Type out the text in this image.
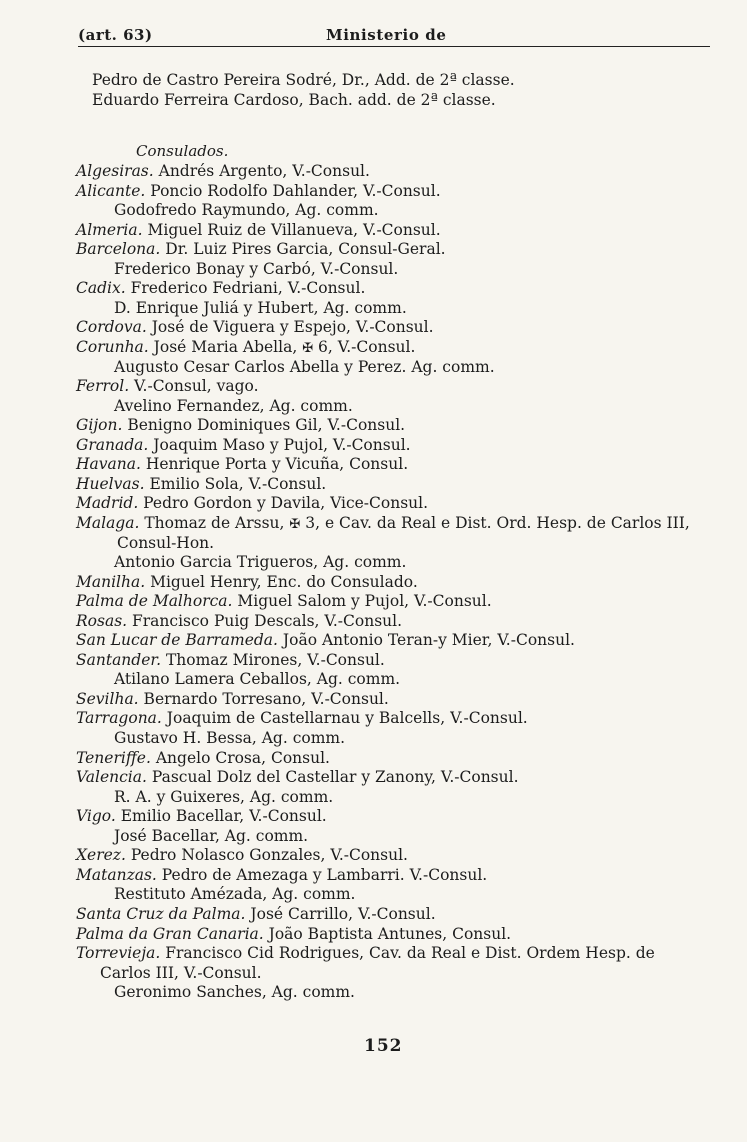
(art. 63)	Ministerio de
Pedro de Castro Pereira Sodré, Dr., Add. de 2ª classe.
Eduardo Ferreira Cardoso, Bach. add. de 2ª classe.
Consulados.
Algesiras. Andrés Argento, V.-Consul.
Alicante. Poncio Rodolfo Dahlander, V.-Consul.
Godofredo Raymundo, Ag. comm.
Almeria. Miguel Ruiz de Villanueva, V.-Consul.
Barcelona. Dr. Luiz Pires Garcia, Consul-Geral.
Frederico Bonay y Carbó, V.-Consul.
Cadix. Frederico Fedriani, V.-Consul.
D. Enrique Juliá y Hubert, Ag. comm.
Cordova. José de Viguera y Espejo, V.-Consul.
Corunha. José Maria Abella, ✠ 6, V.-Consul.
Augusto Cesar Carlos Abella y Perez. Ag. comm.
Ferrol. V.-Consul, vago.
Avelino Fernandez, Ag. comm.
Gijon. Benigno Dominiques Gil, V.-Consul.
Granada. Joaquim Maso y Pujol, V.-Consul.
Havana. Henrique Porta y Vicuña, Consul.
Huelvas. Emilio Sola, V.-Consul.
Madrid. Pedro Gordon y Davila, Vice-Consul.
Malaga. Thomaz de Arssu, ✠ 3, e Cav. da Real e Dist. Ord. Hesp. de Carlos III,
Consul-Hon.
Antonio Garcia Trigueros, Ag. comm.
Manilha. Miguel Henry, Enc. do Consulado.
Palma de Malhorca. Miguel Salom y Pujol, V.-Consul.
Rosas. Francisco Puig Descals, V.-Consul.
San Lucar de Barrameda. João Antonio Teran-y Mier, V.-Consul.
Santander. Thomaz Mirones, V.-Consul.
Atilano Lamera Ceballos, Ag. comm.
Sevilha. Bernardo Torresano, V.-Consul.
Tarragona. Joaquim de Castellarnau y Balcells, V.-Consul.
Gustavo H. Bessa, Ag. comm.
Teneriffe. Angelo Crosa, Consul.
Valencia. Pascual Dolz del Castellar y Zanony, V.-Consul.
R. A. y Guixeres, Ag. comm.
Vigo. Emilio Bacellar, V.-Consul.
José Bacellar, Ag. comm.
Xerez. Pedro Nolasco Gonzales, V.-Consul.
Matanzas. Pedro de Amezaga y Lambarri. V.-Consul.
Restituto Amézada, Ag. comm.
Santa Cruz da Palma. José Carrillo, V.-Consul.
Palma da Gran Canaria. João Baptista Antunes, Consul.
Torrevieja. Francisco Cid Rodrigues, Cav. da Real e Dist. Ordem Hesp. de
Carlos III, V.-Consul.
Geronimo Sanches, Ag. comm.
152
